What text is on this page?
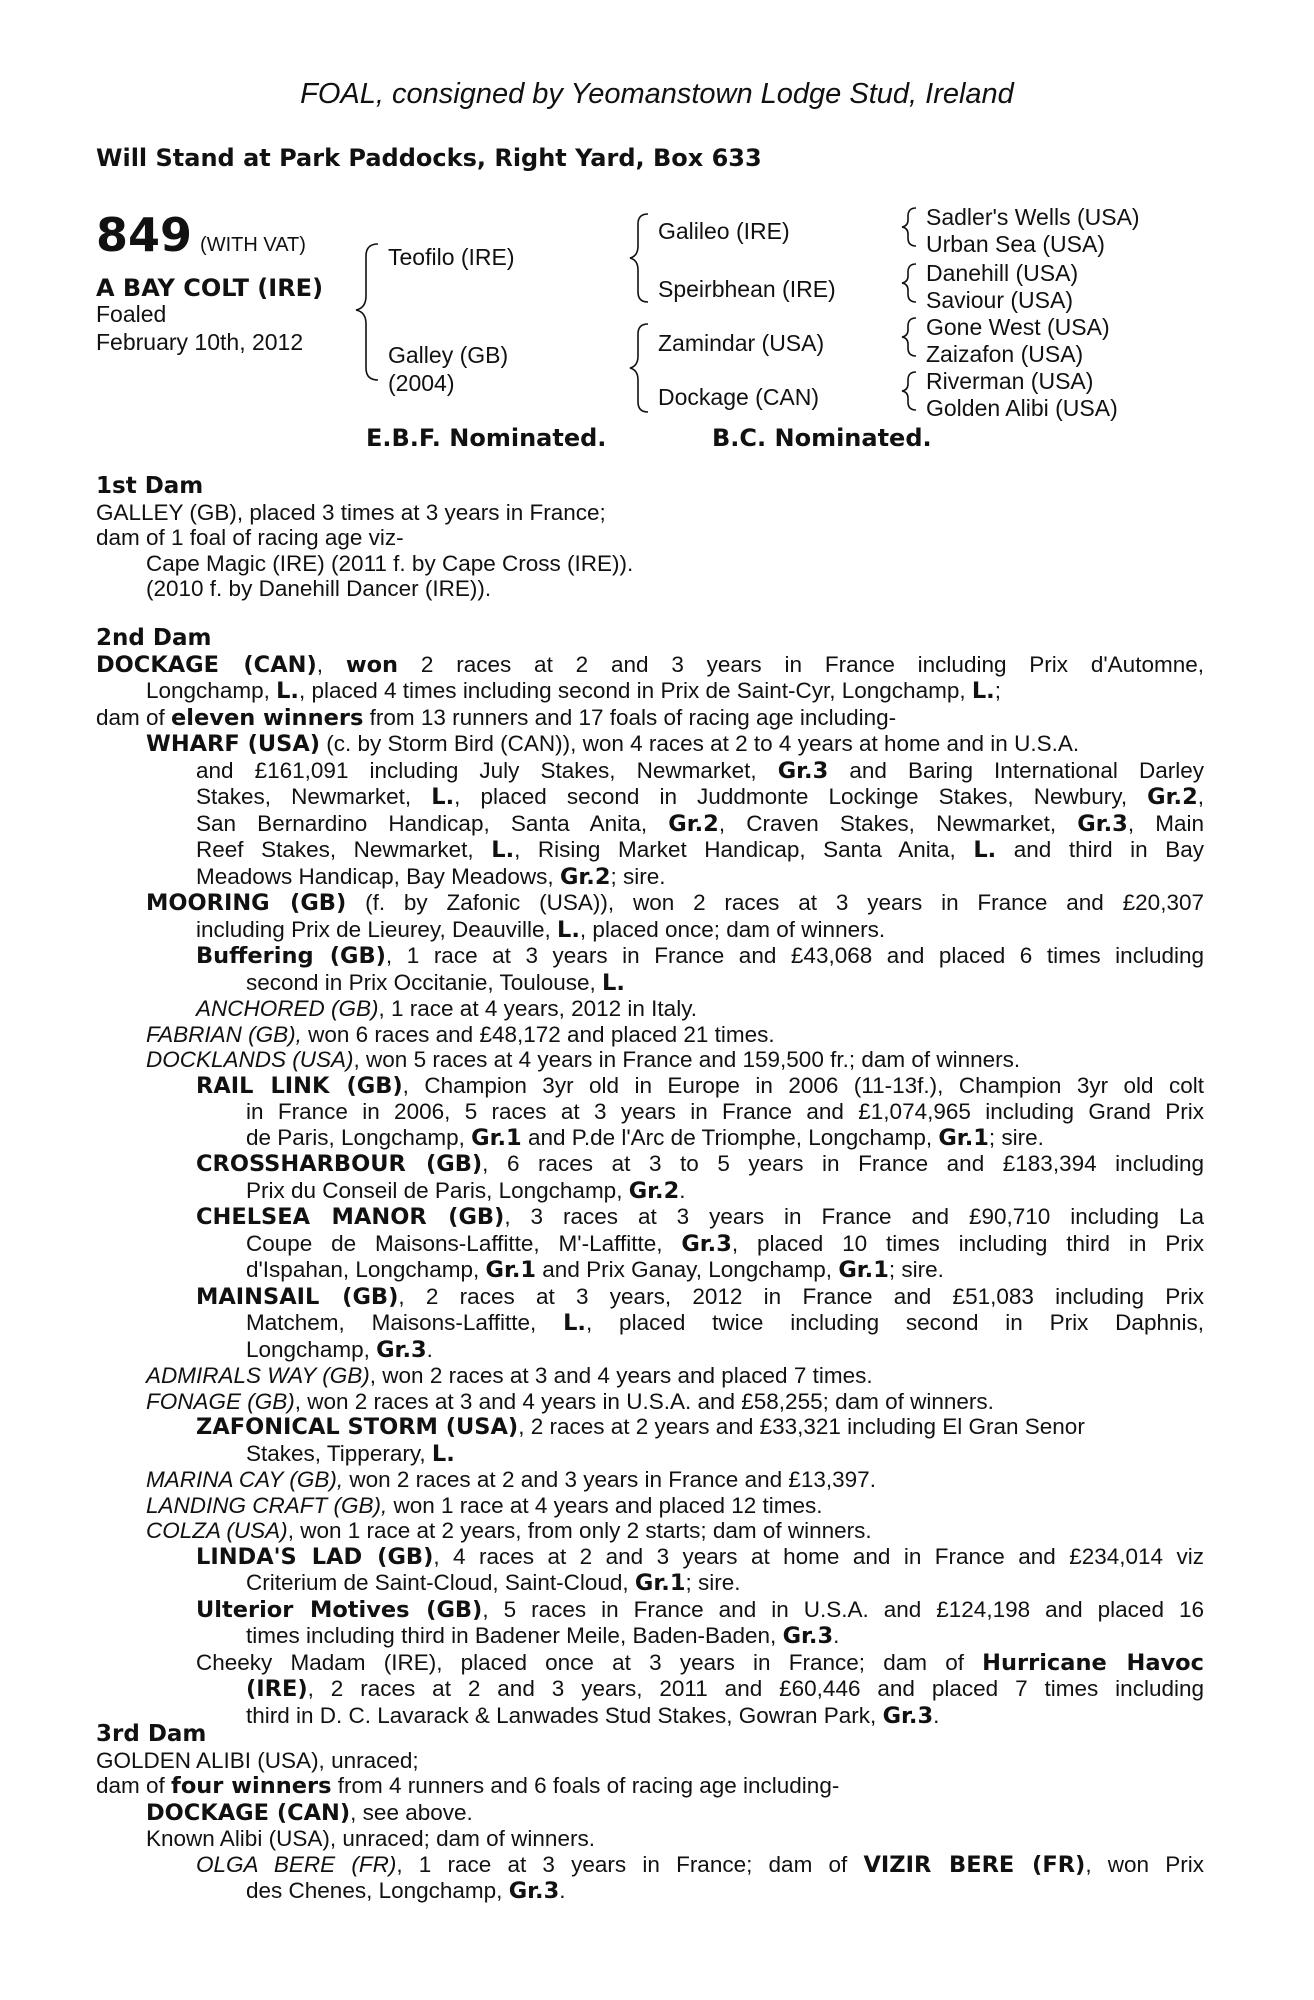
FOAL, consigned by Yeomanstown Lodge Stud, Ireland
Will Stand at Park Paddocks, Right Yard, Box 633
849 (WITH VAT)
A BAY COLT (IRE)
Foaled
February 10th, 2012
Teofilo (IRE)
Galley (GB)
(2004)
Galileo (IRE)
Speirbhean (IRE)
Zamindar (USA)
Dockage (CAN)
Sadler's Wells (USA)
Urban Sea (USA)
Danehill (USA)
Saviour (USA)
Gone West (USA)
Zaizafon (USA)
Riverman (USA)
Golden Alibi (USA)
E.B.F. Nominated.	B.C. Nominated.
1st Dam
GALLEY (GB), placed 3 times at 3 years in France;
dam of 1 foal of racing age viz-
Cape Magic (IRE) (2011 f. by Cape Cross (IRE)).
(2010 f. by Danehill Dancer (IRE)).
2nd Dam
DOCKAGE (CAN), won 2 races at 2 and 3 years in France including Prix d'Automne,
Longchamp, L., placed 4 times including second in Prix de Saint-Cyr, Longchamp, L.;
dam of eleven winners from 13 runners and 17 foals of racing age including-
WHARF (USA) (c. by Storm Bird (CAN)), won 4 races at 2 to 4 years at home and in U.S.A.
and £161,091 including July Stakes, Newmarket, Gr.3 and Baring International Darley
Stakes, Newmarket, L., placed second in Juddmonte Lockinge Stakes, Newbury, Gr.2,
San Bernardino Handicap, Santa Anita, Gr.2, Craven Stakes, Newmarket, Gr.3, Main
Reef Stakes, Newmarket, L., Rising Market Handicap, Santa Anita, L. and third in Bay
Meadows Handicap, Bay Meadows, Gr.2; sire.
MOORING (GB) (f. by Zafonic (USA)), won 2 races at 3 years in France and £20,307
including Prix de Lieurey, Deauville, L., placed once; dam of winners.
Buffering (GB), 1 race at 3 years in France and £43,068 and placed 6 times including
second in Prix Occitanie, Toulouse, L.
ANCHORED (GB), 1 race at 4 years, 2012 in Italy.
FABRIAN (GB), won 6 races and £48,172 and placed 21 times.
DOCKLANDS (USA), won 5 races at 4 years in France and 159,500 fr.; dam of winners.
RAIL LINK (GB), Champion 3yr old in Europe in 2006 (11-13f.), Champion 3yr old colt
in France in 2006, 5 races at 3 years in France and £1,074,965 including Grand Prix
de Paris, Longchamp, Gr.1 and P.de l'Arc de Triomphe, Longchamp, Gr.1; sire.
CROSSHARBOUR (GB), 6 races at 3 to 5 years in France and £183,394 including
Prix du Conseil de Paris, Longchamp, Gr.2.
CHELSEA MANOR (GB), 3 races at 3 years in France and £90,710 including La
Coupe de Maisons-Laffitte, M'-Laffitte, Gr.3, placed 10 times including third in Prix
d'Ispahan, Longchamp, Gr.1 and Prix Ganay, Longchamp, Gr.1; sire.
MAINSAIL (GB), 2 races at 3 years, 2012 in France and £51,083 including Prix
Matchem, Maisons-Laffitte, L., placed twice including second in Prix Daphnis,
Longchamp, Gr.3.
ADMIRALS WAY (GB), won 2 races at 3 and 4 years and placed 7 times.
FONAGE (GB), won 2 races at 3 and 4 years in U.S.A. and £58,255; dam of winners.
ZAFONICAL STORM (USA), 2 races at 2 years and £33,321 including El Gran Senor
Stakes, Tipperary, L.
MARINA CAY (GB), won 2 races at 2 and 3 years in France and £13,397.
LANDING CRAFT (GB), won 1 race at 4 years and placed 12 times.
COLZA (USA), won 1 race at 2 years, from only 2 starts; dam of winners.
LINDA'S LAD (GB), 4 races at 2 and 3 years at home and in France and £234,014 viz
Criterium de Saint-Cloud, Saint-Cloud, Gr.1; sire.
Ulterior Motives (GB), 5 races in France and in U.S.A. and £124,198 and placed 16
times including third in Badener Meile, Baden-Baden, Gr.3.
Cheeky Madam (IRE), placed once at 3 years in France; dam of Hurricane Havoc
(IRE), 2 races at 2 and 3 years, 2011 and £60,446 and placed 7 times including
third in D. C. Lavarack & Lanwades Stud Stakes, Gowran Park, Gr.3.
3rd Dam
GOLDEN ALIBI (USA), unraced;
dam of four winners from 4 runners and 6 foals of racing age including-
DOCKAGE (CAN), see above.
Known Alibi (USA), unraced; dam of winners.
OLGA BERE (FR), 1 race at 3 years in France; dam of VIZIR BERE (FR), won Prix
des Chenes, Longchamp, Gr.3.
